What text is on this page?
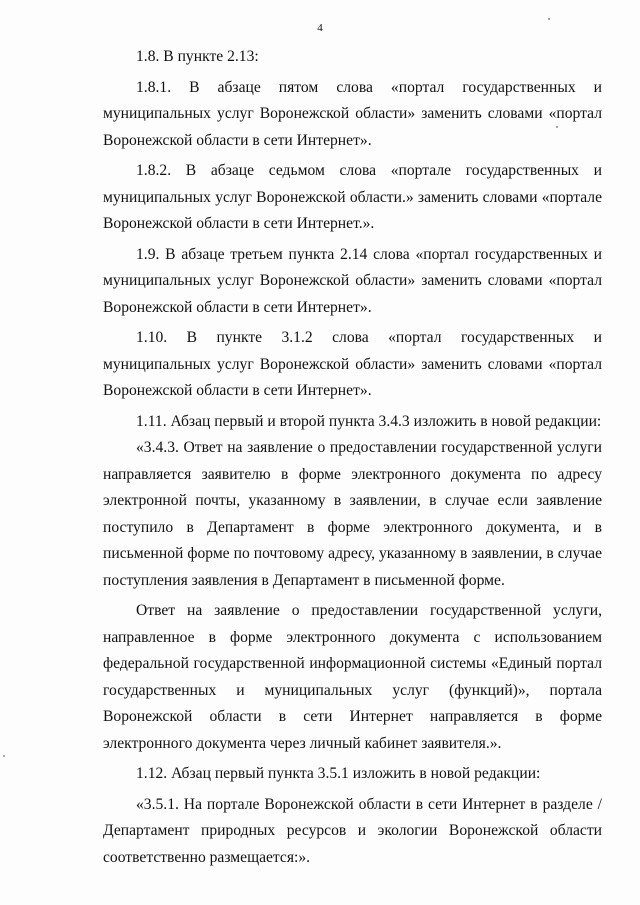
4

1.8. В пункте 2.13:

1.8.1. В абзаце пятом слова «портал государственных и муниципальных услуг Воронежской области» заменить словами «портал Воронежской области в сети Интернет».

1.8.2. В абзаце седьмом слова «портале государственных и муниципальных услуг Воронежской области.» заменить словами «портале Воронежской области в сети Интернет.».

1.9. В абзаце третьем пункта 2.14 слова «портал государственных и муниципальных услуг Воронежской области» заменить словами «портал Воронежской области в сети Интернет».

1.10. В пункте 3.1.2 слова «портал государственных и муниципальных услуг Воронежской области» заменить словами «портал Воронежской области в сети Интернет».

1.11. Абзац первый и второй пункта 3.4.3 изложить в новой редакции:

«3.4.3. Ответ на заявление о предоставлении государственной услуги направляется заявителю в форме электронного документа по адресу электронной почты, указанному в заявлении, в случае если заявление поступило в Департамент в форме электронного документа, и в письменной форме по почтовому адресу, указанному в заявлении, в случае поступления заявления в Департамент в письменной форме.

Ответ на заявление о предоставлении государственной услуги, направленное в форме электронного документа с использованием федеральной государственной информационной системы «Единый портал государственных и муниципальных услуг (функций)», портала Воронежской области в сети Интернет направляется в форме электронного документа через личный кабинет заявителя.».

1.12. Абзац первый пункта 3.5.1 изложить в новой редакции:

«3.5.1. На портале Воронежской области в сети Интернет в разделе / Департамент природных ресурсов и экологии Воронежской области соответственно размещается:».
